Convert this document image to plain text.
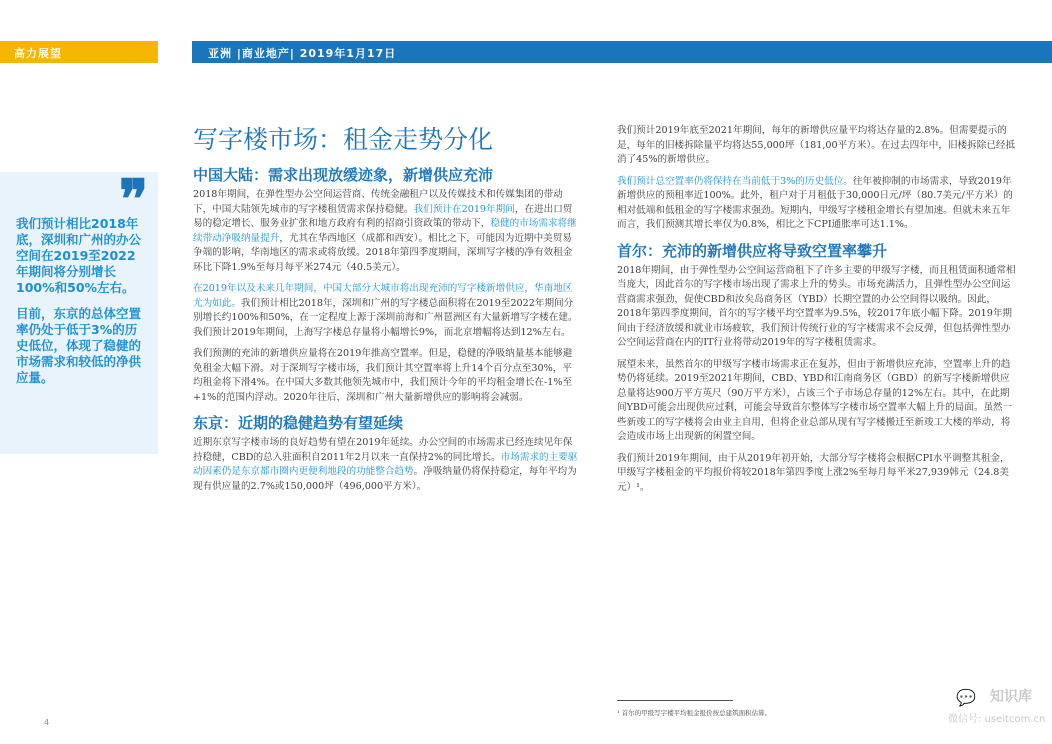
高力展望	亚洲 |商业地产| 2019年1月17日
❞

我们预计相比2018年底，深圳和广州的办公空间在2019至2022年期间将分别增长100%和50%左右。

目前，东京的总体空置率仍处于低于3%的历史低位，体现了稳健的市场需求和较低的净供应量。

写字楼市场：租金走势分化
中国大陆：需求出现放缓迹象，新增供应充沛

2018年期间，在弹性型办公空间运营商、传统金融租户以及传媒技术和传媒集团的带动下，中国大陆领先城市的写字楼租赁需求保持稳健。我们预计在2019年期间，在进出口贸易的稳定增长、服务业扩张和地方政府有利的招商引资政策的带动下，稳健的市场需求将继续带动净吸纳量提升，尤其在华西地区（成都和西安）。相比之下，可能因为近期中美贸易争端的影响，华南地区的需求或将放缓。2018年第四季度期间，深圳写字楼的净有效租金环比下降1.9%至每月每平米274元（40.5美元）。

在2019年以及未来几年期间，中国大部分大城市将出现充沛的写字楼新增供应，华南地区尤为如此。我们预计相比2018年，深圳和广州的写字楼总面积将在2019至2022年期间分别增长约100%和50%，在一定程度上源于深圳前海和广州琶洲区有大量新增写字楼在建。我们预计2019年期间，上海写字楼总存量将小幅增长9%，而北京增幅将达到12%左右。

我们预测的充沛的新增供应量将在2019年推高空置率。但是，稳健的净吸纳量基本能够避免租金大幅下滑。对于深圳写字楼市场，我们预计其空置率将上升14个百分点至30%，平均租金将下滑4%。在中国大多数其他领先城市中，我们预计今年的平均租金增长在-1%至+1%的范围内浮动。2020年往后，深圳和广州大量新增供应的影响将会减弱。

东京：近期的稳健趋势有望延续

近期东京写字楼市场的良好趋势有望在2019年延续。办公空间的市场需求已经连续见年保持稳健，CBD的总入驻面积自2011年2月以来一直保持2%的同比增长。市场需求的主要驱动因素仍是东京都市圈内更便利地段的功能整合趋势。净吸纳量仍将保持稳定，每年平均为现有供应量的2.7%或150,000坪（496,000平方米）。

我们预计2019年底至2021年期间，每年的新增供应量平均将达存量的2.8%。但需要提示的是，每年的旧楼拆除量平均将达55,000坪（181,00平方米）。在过去四年中，旧楼拆除已经抵消了45%的新增供应。

我们预计总空置率仍将保持在当前低于3%的历史低位。往年被抑制的市场需求，导致2019年新增供应的预租率近100%。此外，租户对于月租低于30,000日元/坪（80.7美元/平方米）的相对低端和低租金的写字楼需求强劲。短期内，甲级写字楼租金增长有望加速。但就未来五年而言，我们预测其增长率仅为0.8%，相比之下CPI通胀率可达1.1%。

首尔：充沛的新增供应将导致空置率攀升

2018年期间，由于弹性型办公空间运营商租下了许多主要的甲级写字楼，而且租赁面积通常相当庞大，因此首尔的写字楼市场出现了需求上升的势头。市场充满活力，且弹性型办公空间运营商需求强劲，促使CBD和汝矣岛商务区（YBD）长期空置的办公空间得以吸纳。因此，2018年第四季度期间，首尔的写字楼平均空置率为9.5%，较2017年底小幅下降。2019年期间由于经济放缓和就业市场疲软，我们预计传统行业的写字楼需求不会反弹，但包括弹性型办公空间运营商在内的IT行业将带动2019年的写字楼租赁需求。

展望未来，虽然首尔的甲级写字楼市场需求正在复苏，但由于新增供应充沛，空置率上升的趋势仍将延续。2019至2021年期间，CBD、YBD和江南商务区（GBD）的新写字楼新增供应总量将达900万平方英尺（90万平方米），占该三个子市场总存量的12%左右。其中，在此期间YBD可能会出现供应过剩，可能会导致首尔整体写字楼市场空置率大幅上升的局面。虽然一些新竣工的写字楼将会由业主自用，但将企业总部从现有写字楼搬迁至新竣工大楼的举动，将会造成市场上出现新的闲置空间。

我们预计2019年期间，由于从2019年初开始，大部分写字楼将会根据CPI水平调整其租金，甲级写字楼租金的平均报价将较2018年第四季度上涨2%至每月每平米27,939韩元（24.8美元）¹。

¹ 首尔的甲级写字楼平均租金报价按总建筑面积估算。
4
💬 知识库
微信号: useitcom.cn
